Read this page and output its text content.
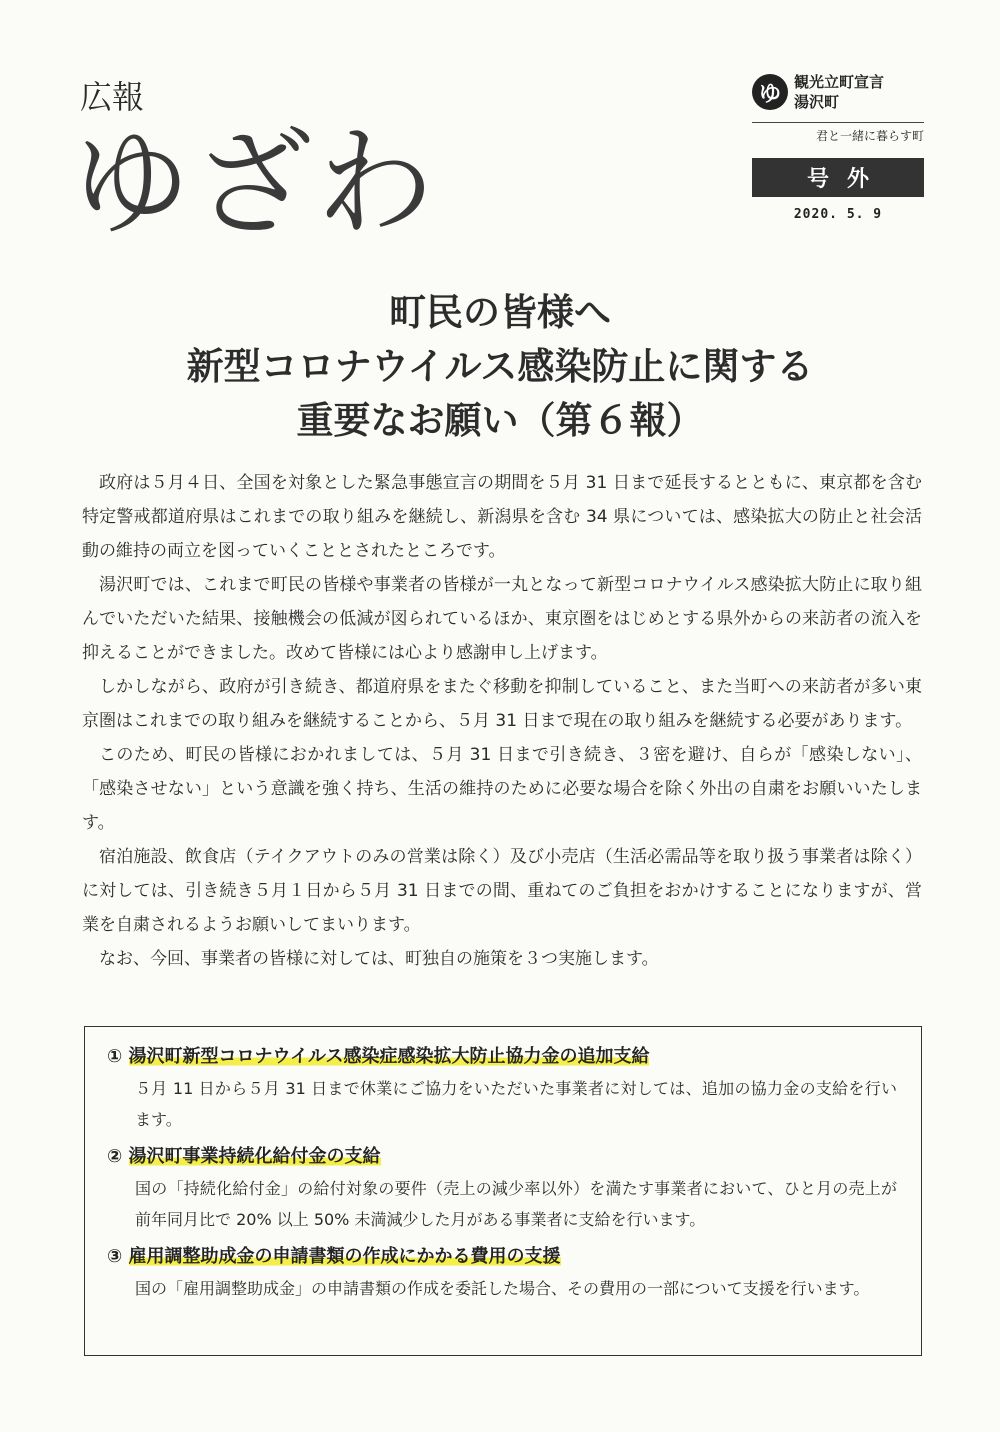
広報
ゆざわ
ゆ 観光立町宣言
湯沢町
君と一緒に暮らす町
号外
2020. 5. 9
町民の皆様へ
新型コロナウイルス感染防止に関する
重要なお願い（第６報）

政府は５月４日、全国を対象とした緊急事態宣言の期間を５月 31 日まで延長するとともに、東京都を含む特定警戒都道府県はこれまでの取り組みを継続し、新潟県を含む 34 県については、感染拡大の防止と社会活動の維持の両立を図っていくこととされたところです。

湯沢町では、これまで町民の皆様や事業者の皆様が一丸となって新型コロナウイルス感染拡大防止に取り組んでいただいた結果、接触機会の低減が図られているほか、東京圏をはじめとする県外からの来訪者の流入を抑えることができました。改めて皆様には心より感謝申し上げます。

しかしながら、政府が引き続き、都道府県をまたぐ移動を抑制していること、また当町への来訪者が多い東京圏はこれまでの取り組みを継続することから、５月 31 日まで現在の取り組みを継続する必要があります。

このため、町民の皆様におかれましては、５月 31 日まで引き続き、３密を避け、自らが「感染しない」、「感染させない」という意識を強く持ち、生活の維持のために必要な場合を除く外出の自粛をお願いいたします。

宿泊施設、飲食店（テイクアウトのみの営業は除く）及び小売店（生活必需品等を取り扱う事業者は除く）に対しては、引き続き５月１日から５月 31 日までの間、重ねてのご負担をおかけすることになりますが、営業を自粛されるようお願いしてまいります。

なお、今回、事業者の皆様に対しては、町独自の施策を３つ実施します。

① 湯沢町新型コロナウイルス感染症感染拡大防止協力金の追加支給
５月 11 日から５月 31 日まで休業にご協力をいただいた事業者に対しては、追加の協力金の支給を行います。
② 湯沢町事業持続化給付金の支給
国の「持続化給付金」の給付対象の要件（売上の減少率以外）を満たす事業者において、ひと月の売上が前年同月比で 20% 以上 50% 未満減少した月がある事業者に支給を行います。
③ 雇用調整助成金の申請書類の作成にかかる費用の支援
国の「雇用調整助成金」の申請書類の作成を委託した場合、その費用の一部について支援を行います。
